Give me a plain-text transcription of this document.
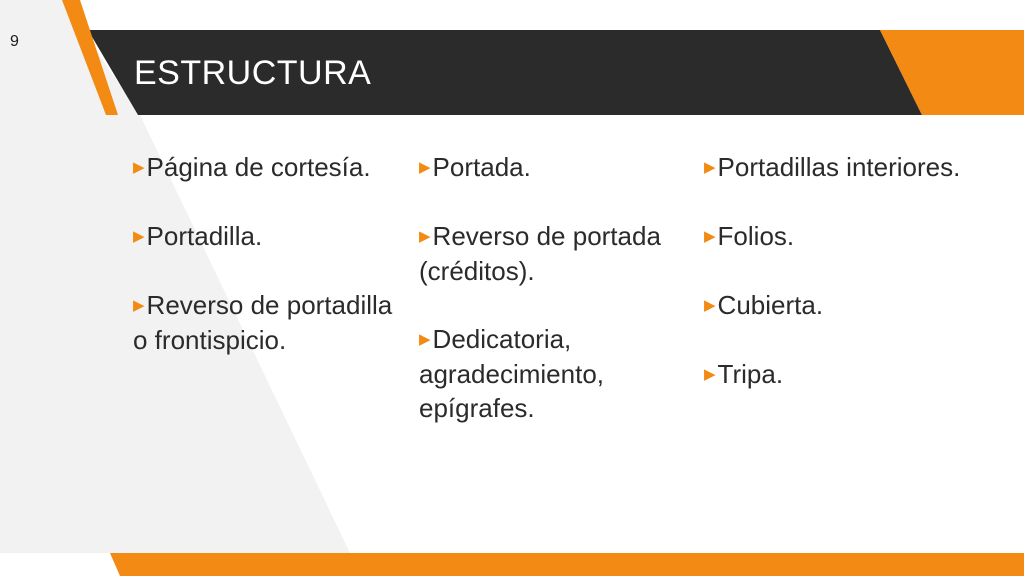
9
ESTRUCTURA
▶Página de cortesía.
▶Portadilla.
▶Reverso de portadilla o frontispicio.
▶Portada.
▶Reverso de portada (créditos).
▶Dedicatoria, agradecimiento, epígrafes.
▶Portadillas interiores.
▶Folios.
▶Cubierta.
▶Tripa.
